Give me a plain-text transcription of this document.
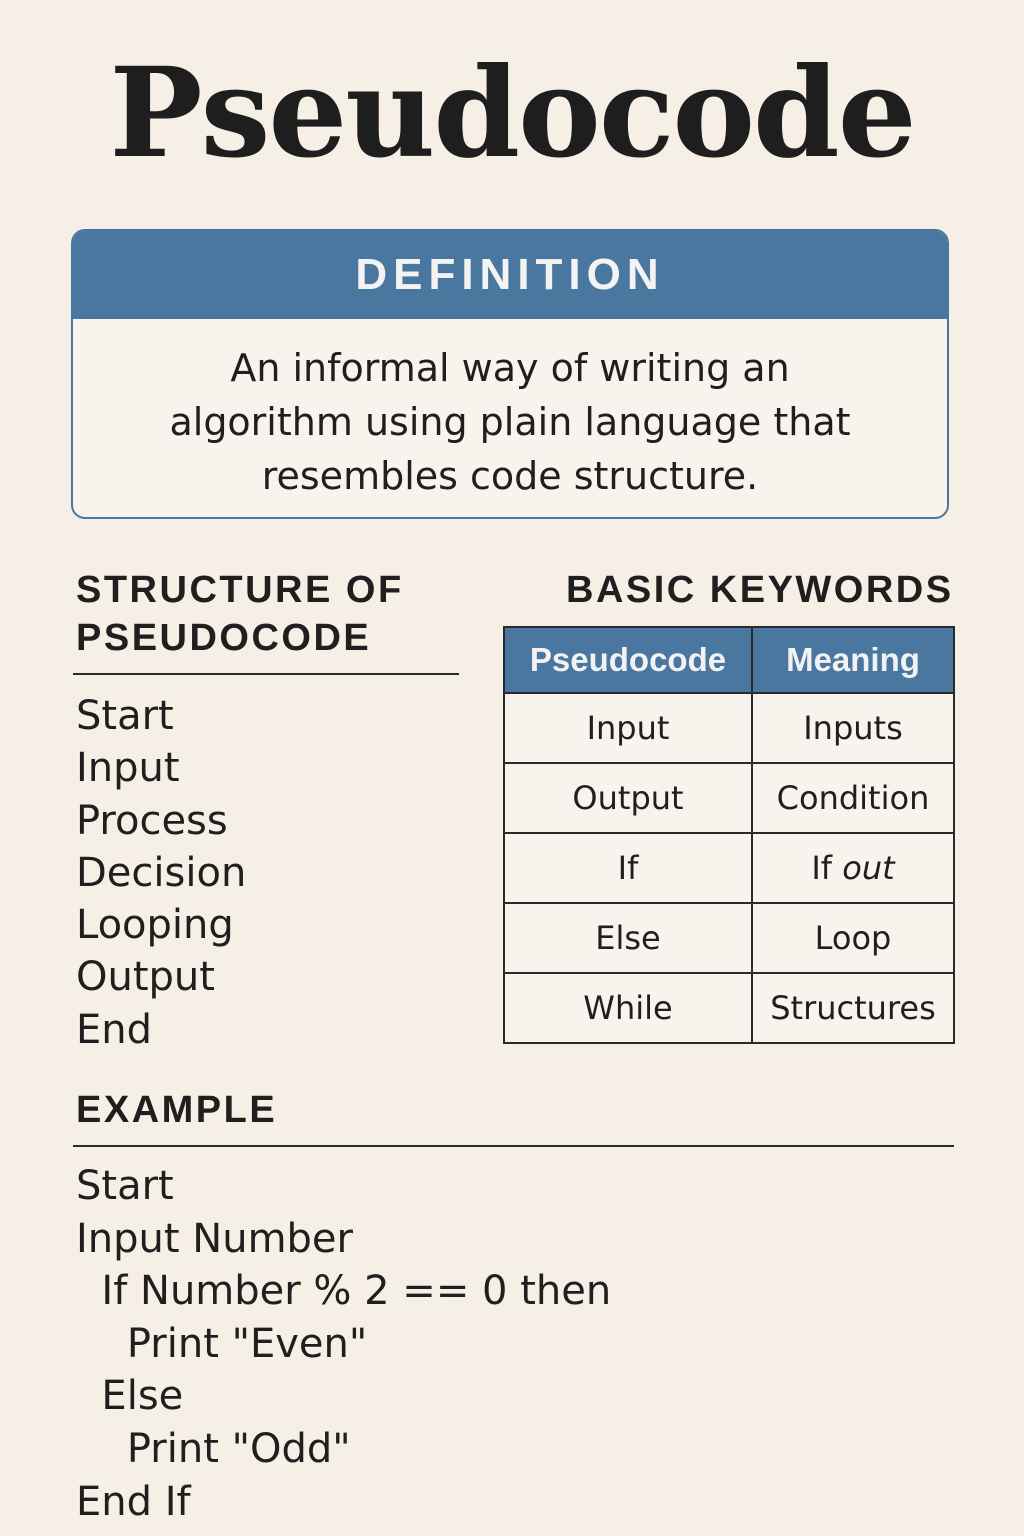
Pseudocode
DEFINITION
An informal way of writing an algorithm using plain language that resembles code structure.
STRUCTURE OF PSEUDOCODE
Start
Input
Process
Decision
Looping
Output
End
BASIC KEYWORDS
Pseudocode	Meaning
Input	Inputs
Output	Condition
If	If out
Else	Loop
While	Structures
EXAMPLE
Start
Input Number
If Number % 2 == 0 then
Print "Even"
Else
Print "Odd"
End If
